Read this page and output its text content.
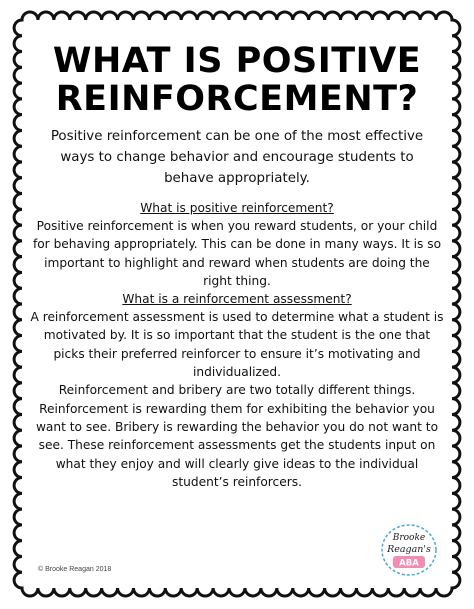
WHAT IS POSITIVE REINFORCEMENT?

Positive reinforcement can be one of the most effective ways to change behavior and encourage students to behave appropriately.

What is positive reinforcement?

Positive reinforcement is when you reward students, or your child for behaving appropriately. This can be done in many ways. It is so important to highlight and reward when students are doing the right thing.

What is a reinforcement assessment?

A reinforcement assessment is used to determine what a student is motivated by. It is so important that the student is the one that picks their preferred reinforcer to ensure it’s motivating and individualized.

Reinforcement and bribery are two totally different things. Reinforcement is rewarding them for exhibiting the behavior you want to see. Bribery is rewarding the behavior you do not want to see. These reinforcement assessments get the students input on what they enjoy and will clearly give ideas to the individual student’s reinforcers.

© Brooke Reagan 2018
Brooke
Reagan's
ABA
